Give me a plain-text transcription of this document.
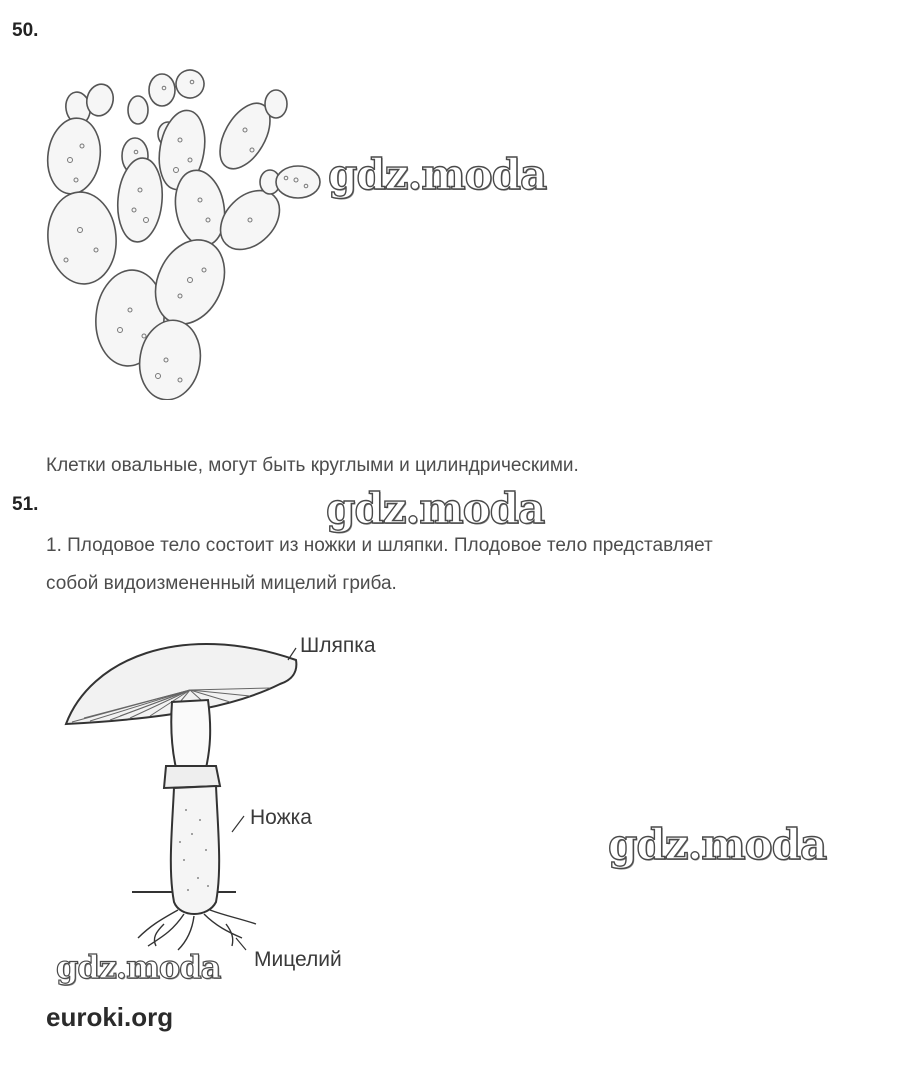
50.
gdz.moda
gdz.moda
gdz.moda
gdz.moda
Клетки овальные, могут быть круглыми и цилиндрическими.
51.
1. Плодовое тело состоит из ножки и шляпки. Плодовое тело представляет
собой видоизмененный мицелий гриба.
Шляпка
Ножка
Мицелий
euroki.org
